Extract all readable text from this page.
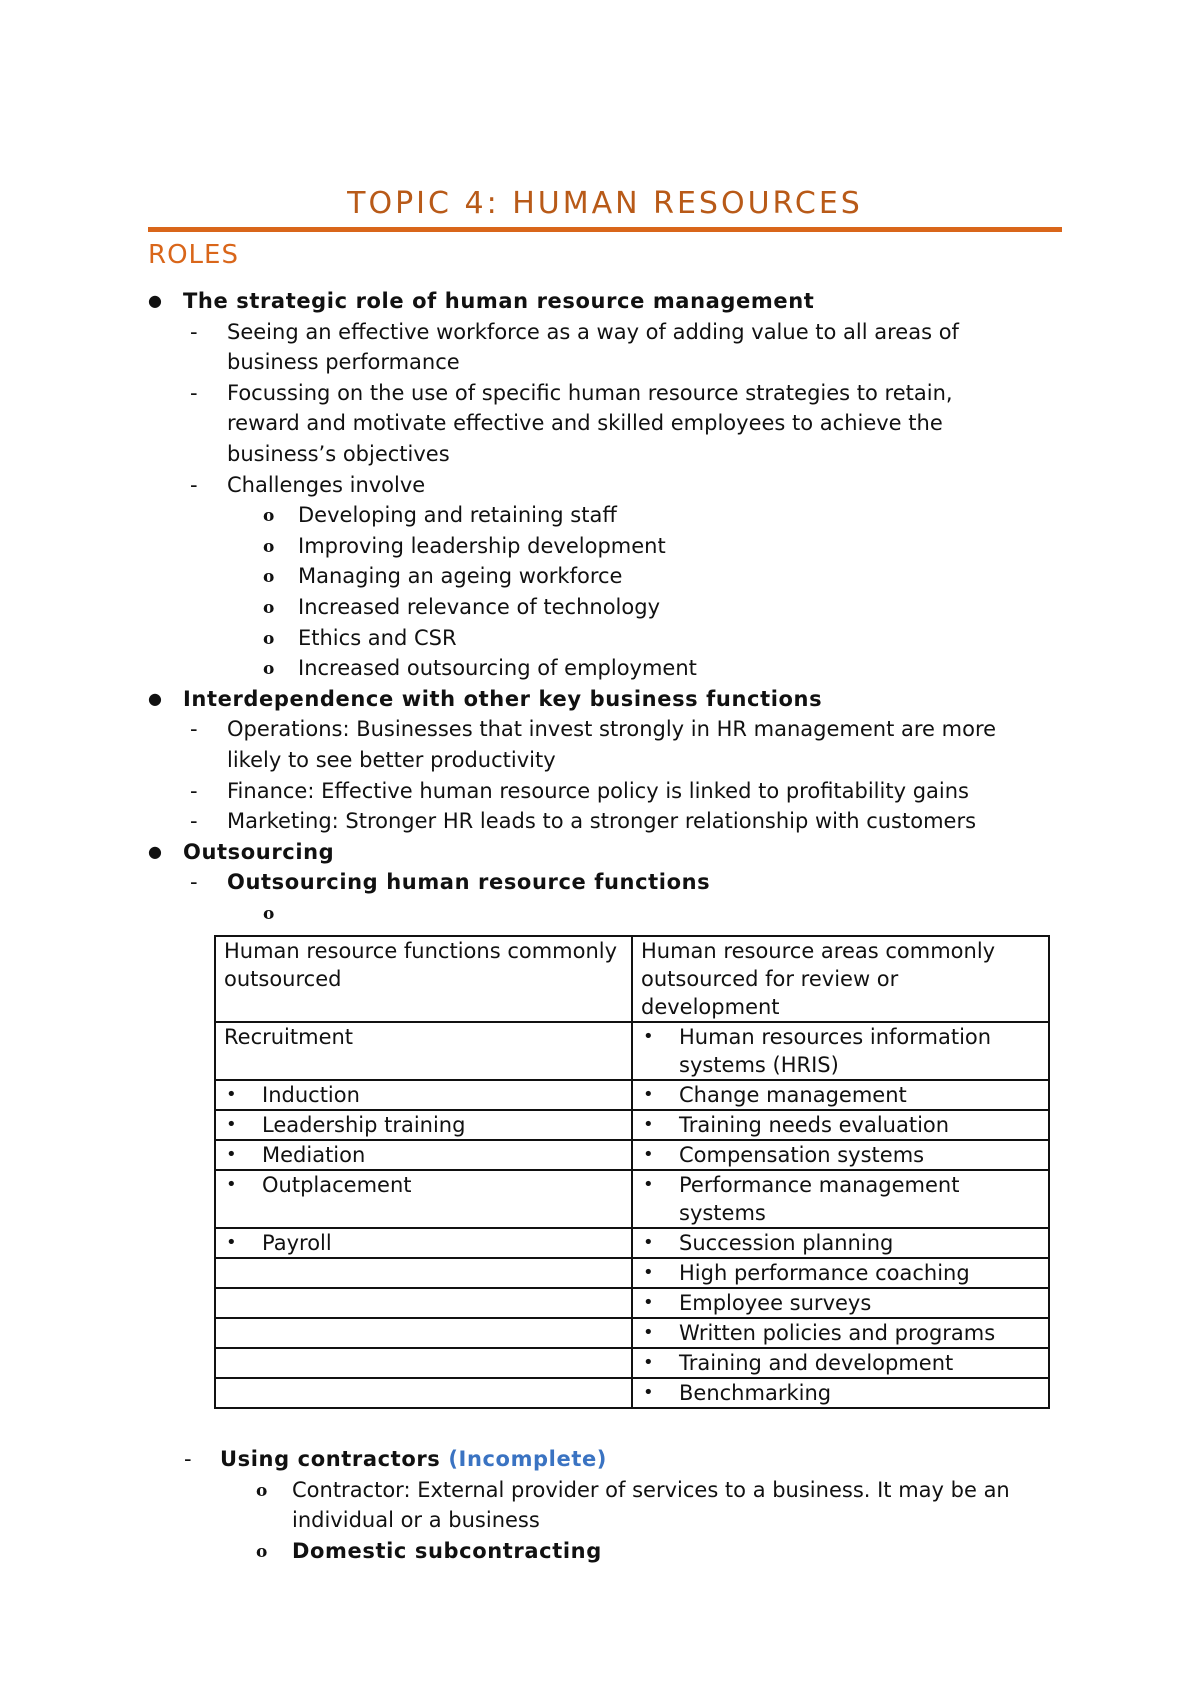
TOPIC 4: HUMAN RESOURCES
ROLES
● The strategic role of human resource management
- Seeing an effective workforce as a way of adding value to all areas of
business performance
- Focussing on the use of specific human resource strategies to retain,
reward and motivate effective and skilled employees to achieve the
business’s objectives
- Challenges involve
o Developing and retaining staff
o Improving leadership development
o Managing an ageing workforce
o Increased relevance of technology
o Ethics and CSR
o Increased outsourcing of employment
● Interdependence with other key business functions
- Operations: Businesses that invest strongly in HR management are more
likely to see better productivity
- Finance: Effective human resource policy is linked to profitability gains
- Marketing: Stronger HR leads to a stronger relationship with customers
● Outsourcing
- Outsourcing human resource functions
o

Human resource functions commonly outsourced	Human resource areas commonly outsourced for review or development
Recruitment	• Human resources information systems (HRIS)

• Induction	• Change management

• Leadership training	• Training needs evaluation

• Mediation	• Compensation systems

• Outplacement	• Performance management systems

• Payroll	• Succession planning

	• High performance coaching

	• Employee surveys

	• Written policies and programs

	• Training and development

	• Benchmarking
- Using contractors (Incomplete)
o Contractor: External provider of services to a business. It may be an
individual or a business
o Domestic subcontracting
